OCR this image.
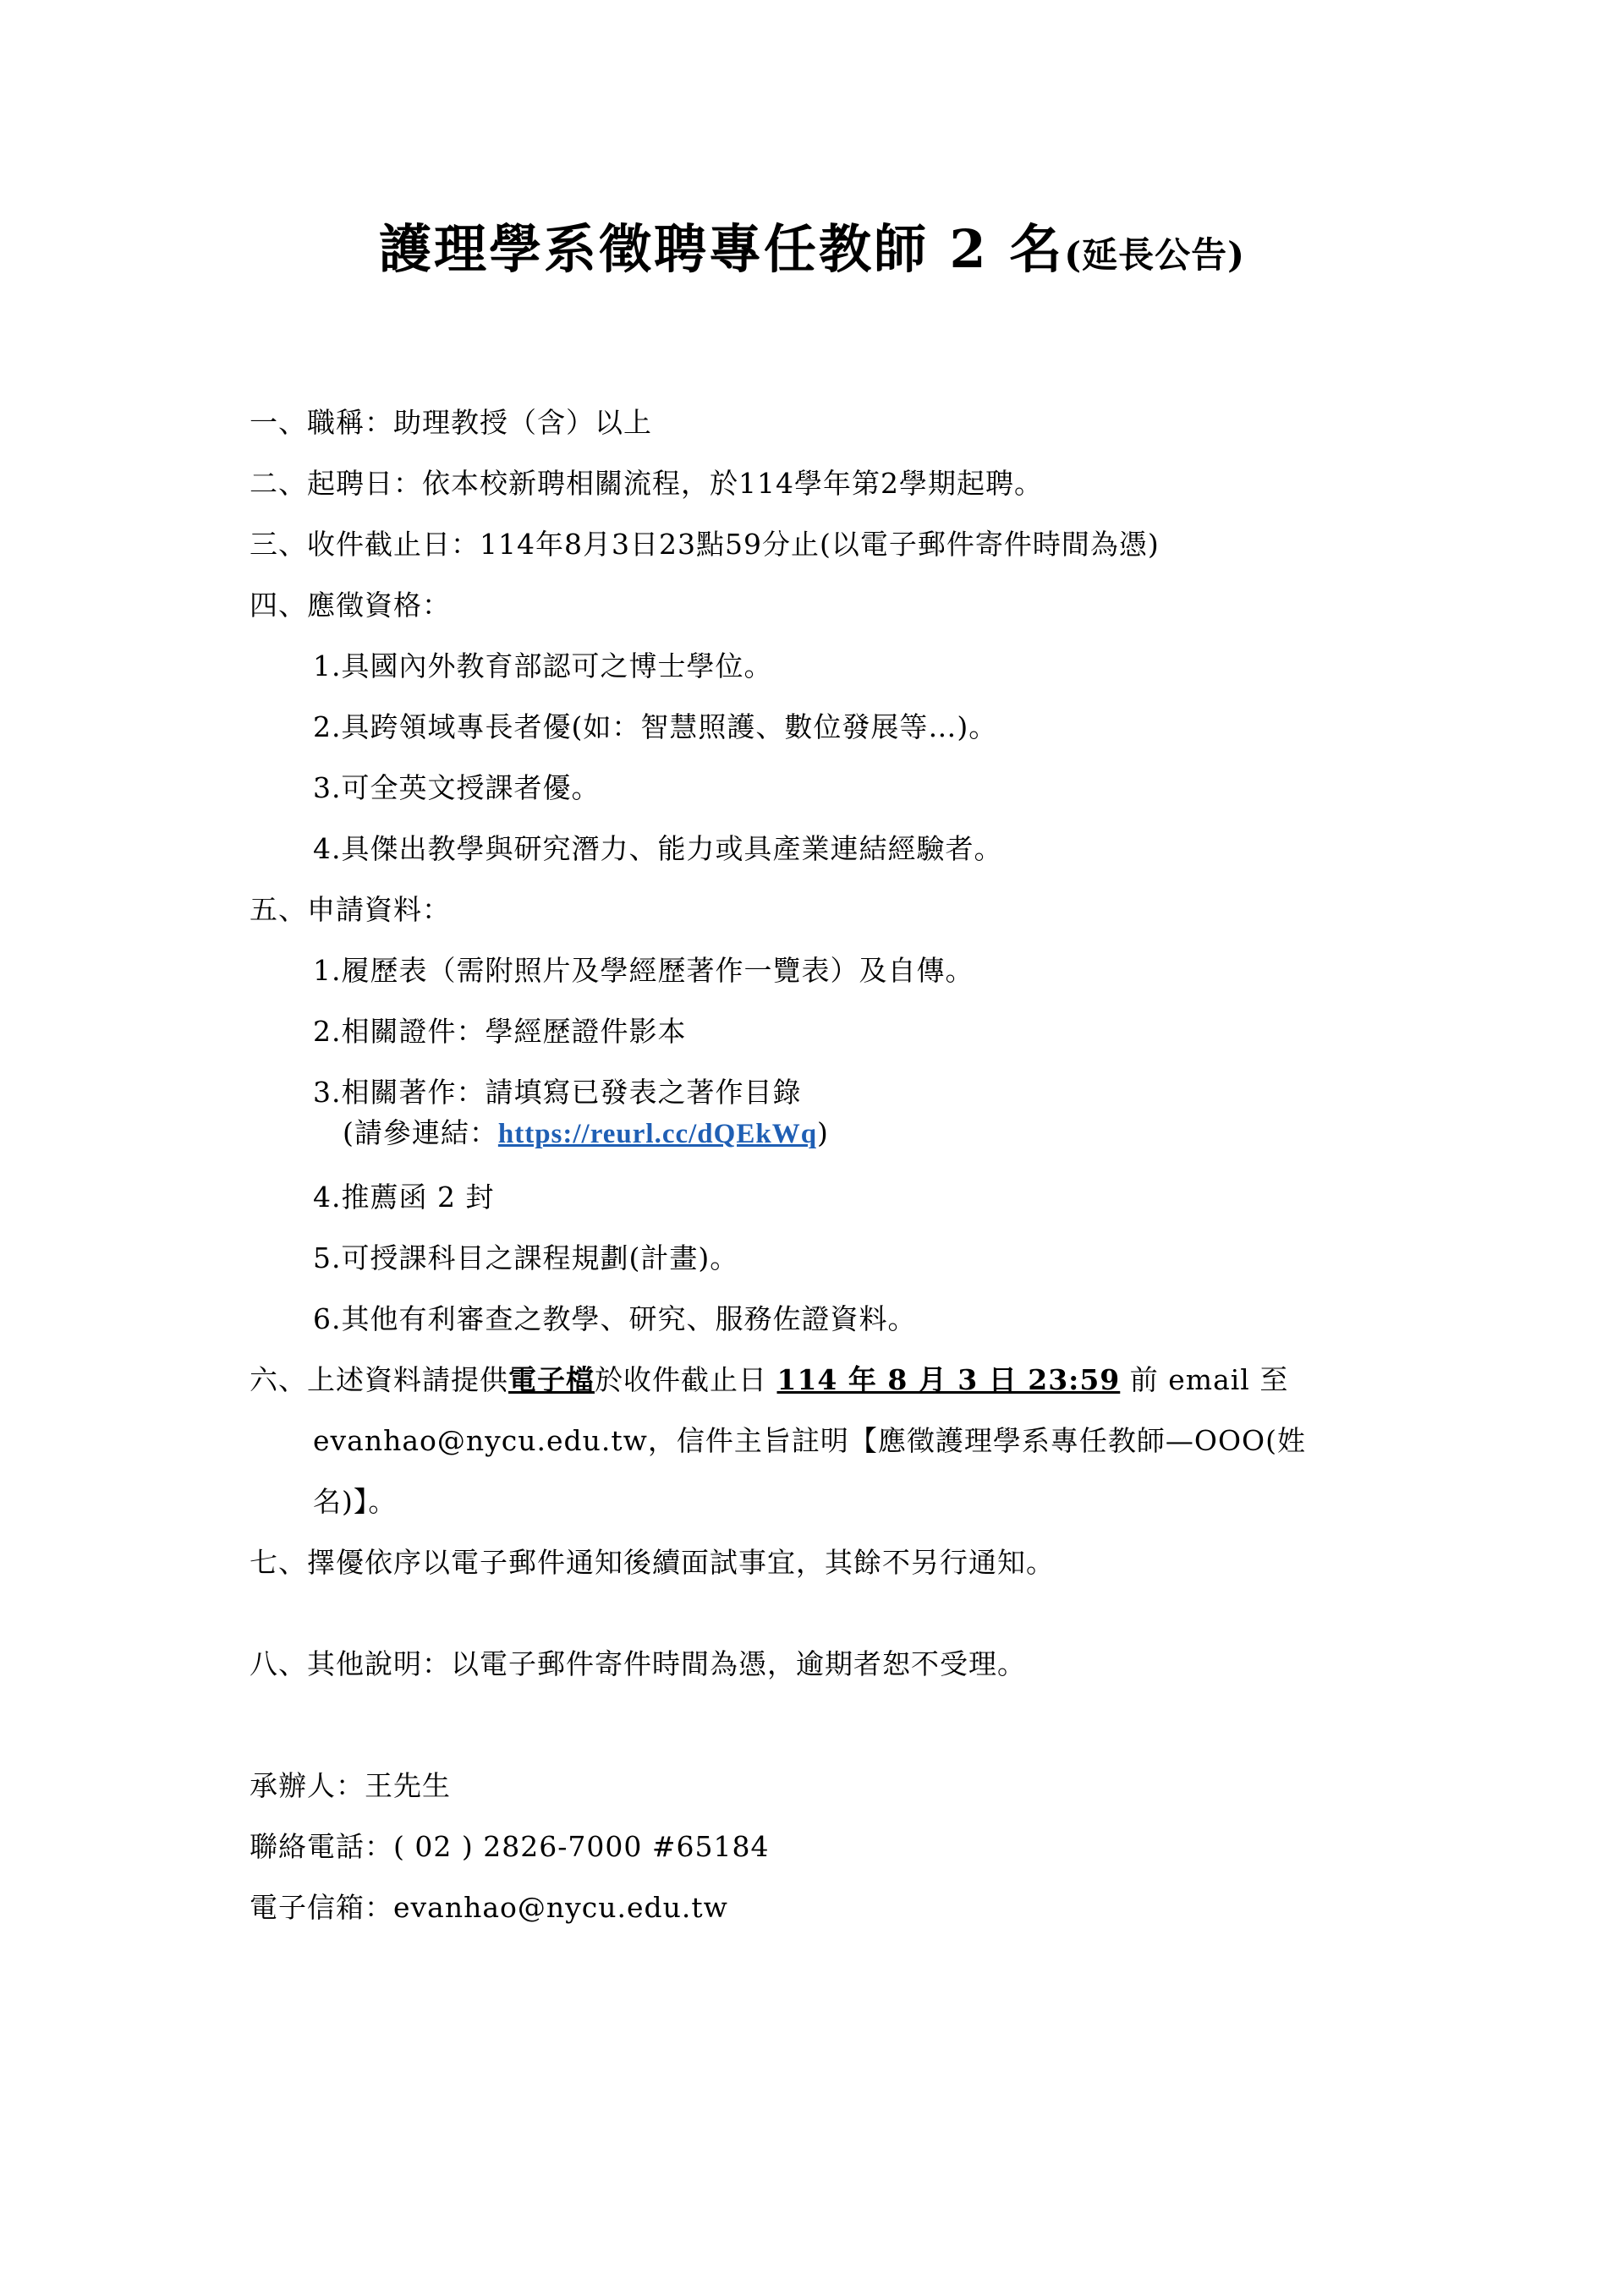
護理學系徵聘專任教師 2 名(延長公告)
一、職稱：助理教授（含）以上
二、起聘日：依本校新聘相關流程，於114學年第2學期起聘。
三、收件截止日：114年8月3日23點59分止(以電子郵件寄件時間為憑)
四、應徵資格：
1.具國內外教育部認可之博士學位。
2.具跨領域專長者優(如：智慧照護、數位發展等…)。
3.可全英文授課者優。
4.具傑出教學與研究潛力、能力或具產業連結經驗者。
五、申請資料：
1.履歷表（需附照片及學經歷著作一覽表）及自傳。
2.相關證件：學經歷證件影本
3.相關著作：請填寫已發表之著作目錄
(請參連結：https://reurl.cc/dQEkWq)
4.推薦函 2 封
5.可授課科目之課程規劃(計畫)。
6.其他有利審查之教學、研究、服務佐證資料。
六、上述資料請提供電子檔於收件截止日 114 年 8 月 3 日 23:59 前 email 至
evanhao@nycu.edu.tw，信件主旨註明【應徵護理學系專任教師—OOO(姓
名)】。
七、擇優依序以電子郵件通知後續面試事宜，其餘不另行通知。
八、其他說明：以電子郵件寄件時間為憑，逾期者恕不受理。
承辦人：王先生
聯絡電話：( 02 ) 2826-7000 #65184
電子信箱：evanhao@nycu.edu.tw
